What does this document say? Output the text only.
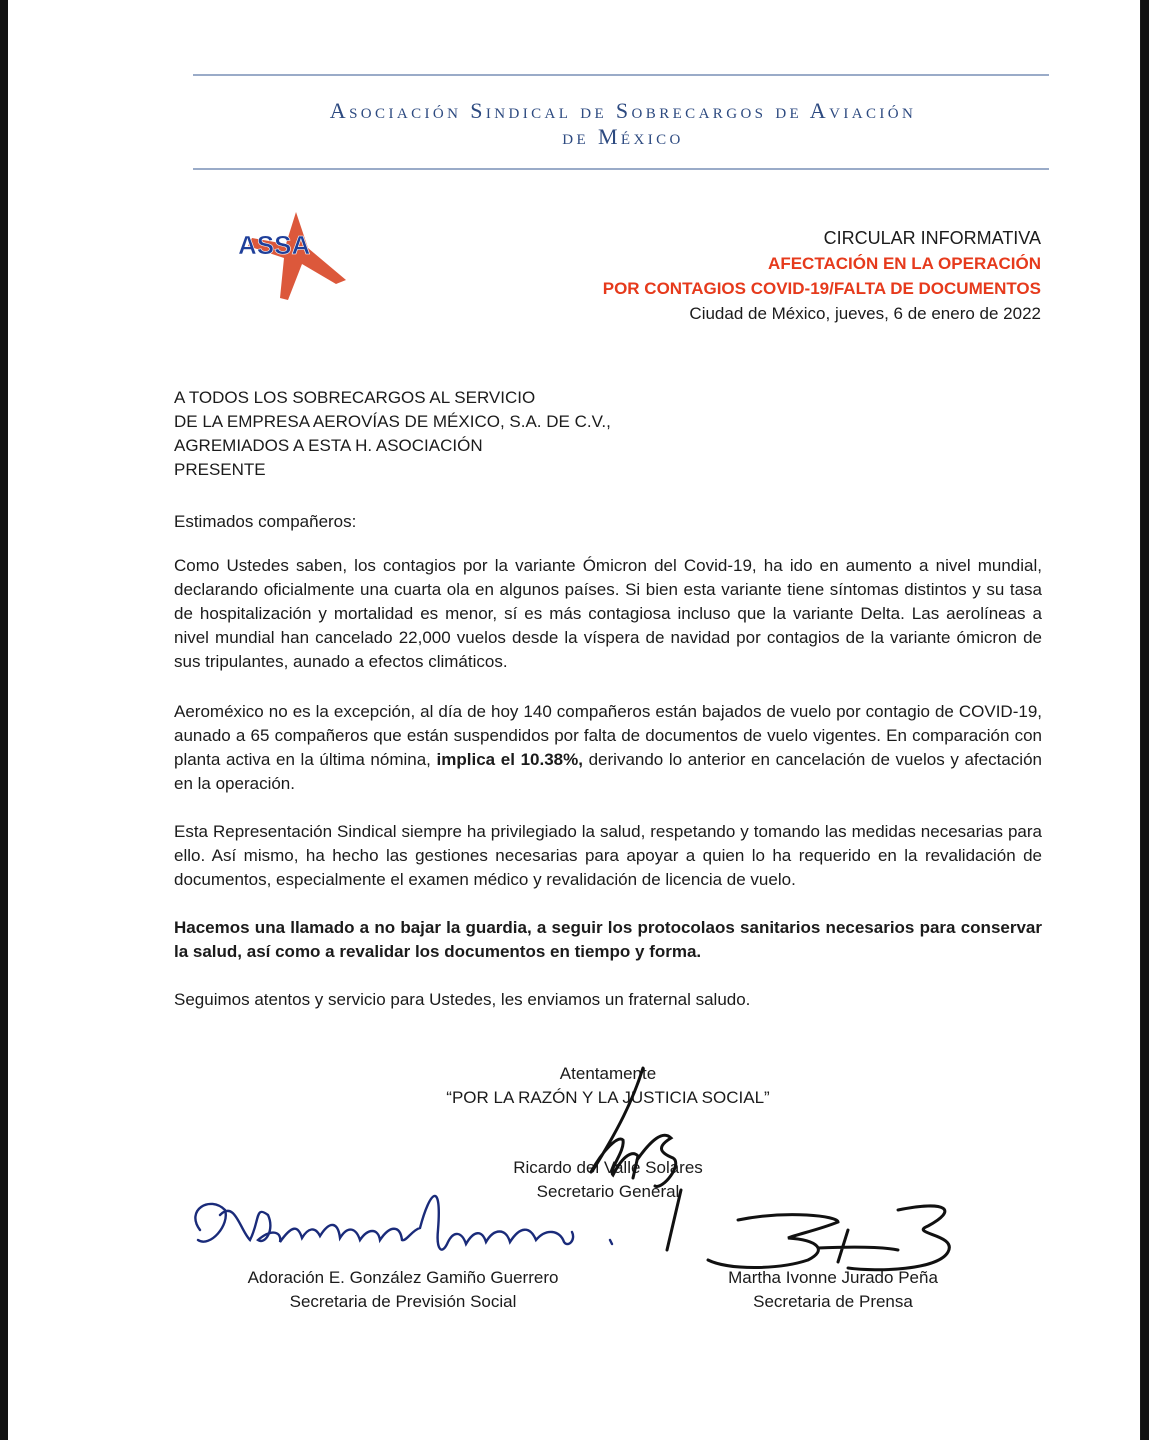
Asociación Sindical de Sobrecargos de Aviación
de México
ASSA	CIRCULAR INFORMATIVA
AFECTACIÓN EN LA OPERACIÓN
POR CONTAGIOS COVID-19/FALTA DE DOCUMENTOS
Ciudad de México, jueves, 6 de enero de 2022
A TODOS LOS SOBRECARGOS AL SERVICIO
DE LA EMPRESA AEROVÍAS DE MÉXICO, S.A. DE C.V.,
AGREMIADOS A ESTA H. ASOCIACIÓN
PRESENTE
Estimados compañeros:
Como Ustedes saben, los contagios por la variante Ómicron del Covid-19, ha ido en aumento a nivel mundial, declarando oficialmente una cuarta ola en algunos países. Si bien esta variante tiene síntomas distintos y su tasa de hospitalización y mortalidad es menor, sí es más contagiosa incluso que la variante Delta. Las aerolíneas a nivel mundial han cancelado 22,000 vuelos desde la víspera de navidad por contagios de la variante ómicron de sus tripulantes, aunado a efectos climáticos.
Aeroméxico no es la excepción, al día de hoy 140 compañeros están bajados de vuelo por contagio de COVID-19, aunado a 65 compañeros que están suspendidos por falta de documentos de vuelo vigentes. En comparación con planta activa en la última nómina, implica el 10.38%, derivando lo anterior en cancelación de vuelos y afectación en la operación.
Esta Representación Sindical siempre ha privilegiado la salud, respetando y tomando las medidas necesarias para ello. Así mismo, ha hecho las gestiones necesarias para apoyar a quien lo ha requerido en la revalidación de documentos, especialmente el examen médico y revalidación de licencia de vuelo.
Hacemos una llamado a no bajar la guardia, a seguir los protocolaos sanitarios necesarios para conservar la salud, así como a revalidar los documentos en tiempo y forma.
Seguimos atentos y servicio para Ustedes, les enviamos un fraternal saludo.
Atentamente
“POR LA RAZÓN Y LA JUSTICIA SOCIAL”
Ricardo del Valle Solares
Secretario General
Adoración E. González Gamiño Guerrero
Secretaria de Previsión Social
Martha Ivonne Jurado Peña
Secretaria de Prensa
